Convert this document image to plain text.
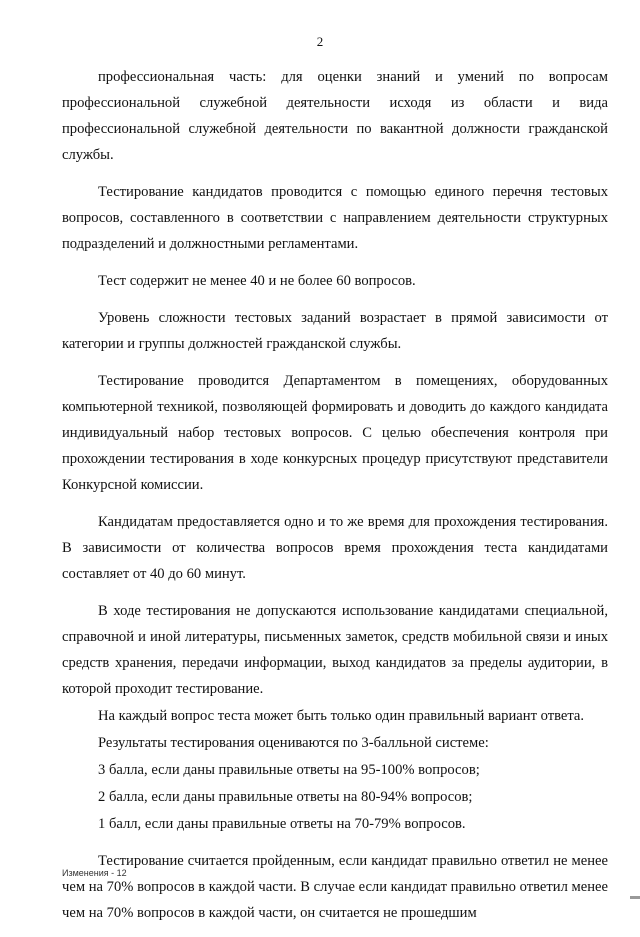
2

профессиональная часть: для оценки знаний и умений по вопросам профессиональной служебной деятельности исходя из области и вида профессиональной служебной деятельности по вакантной должности гражданской службы.

Тестирование кандидатов проводится с помощью единого перечня тестовых вопросов, составленного в соответствии с направлением деятельности структурных подразделений и должностными регламентами.

Тест содержит не менее 40 и не более 60 вопросов.

Уровень сложности тестовых заданий возрастает в прямой зависимости от категории и группы должностей гражданской службы.

Тестирование проводится Департаментом в помещениях, оборудованных компьютерной техникой, позволяющей формировать и доводить до каждого кандидата индивидуальный набор тестовых вопросов. С целью обеспечения контроля при прохождении тестирования в ходе конкурсных процедур присутствуют представители Конкурсной комиссии.

Кандидатам предоставляется одно и то же время для прохождения тестирования. В зависимости от количества вопросов время прохождения теста кандидатами составляет от 40 до 60 минут.

В ходе тестирования не допускаются использование кандидатами специальной, справочной и иной литературы, письменных заметок, средств мобильной связи и иных средств хранения, передачи информации, выход кандидатов за пределы аудитории, в которой проходит тестирование.

На каждый вопрос теста может быть только один правильный вариант ответа.

Результаты тестирования оцениваются по 3-балльной системе:

3 балла, если даны правильные ответы на 95-100% вопросов;

2 балла, если даны правильные ответы на 80-94% вопросов;

1 балл, если даны правильные ответы на 70-79% вопросов.

Тестирование считается пройденным, если кандидат правильно ответил не менее чем на 70% вопросов в каждой части. В случае если кандидат правильно ответил менее чем на 70% вопросов в каждой части, он считается не прошедшим

Изменения - 12
